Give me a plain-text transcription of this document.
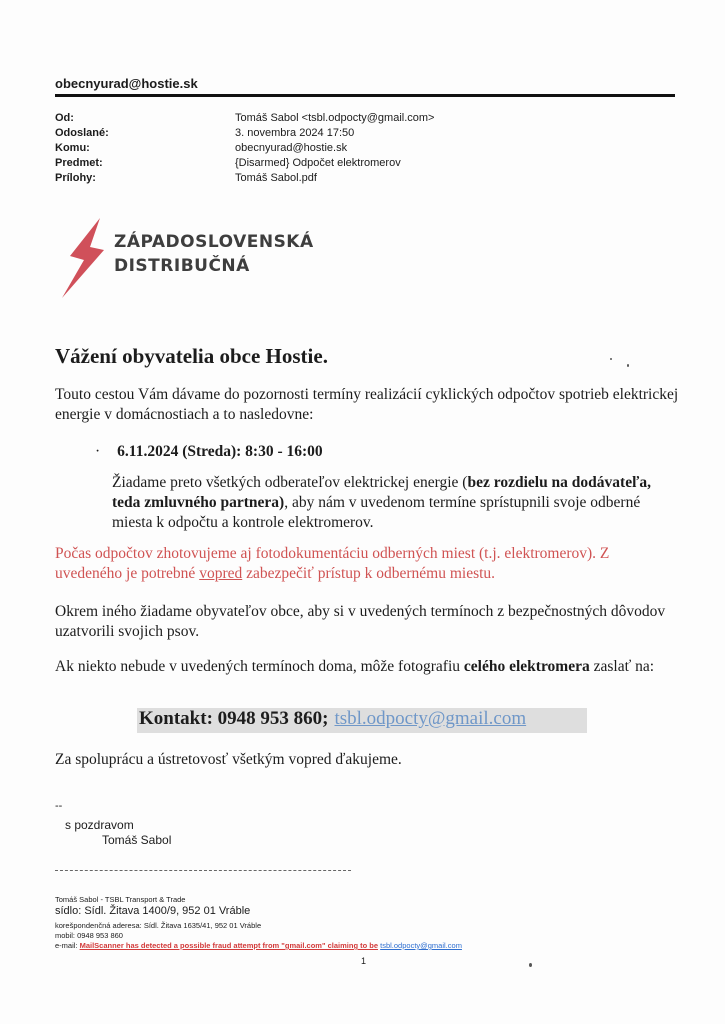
obecnyurad@hostie.sk
Od:	Tomáš Sabol <tsbl.odpocty@gmail.com>
Odoslané:	3. novembra 2024 17:50
Komu:	obecnyurad@hostie.sk
Predmet:	{Disarmed} Odpočet elektromerov
Prílohy:	Tomáš Sabol.pdf
ZÁPADOSLOVENSKÁ
DISTRIBUČNÁ
Vážení obyvatelia obce Hostie.
Touto cestou Vám dávame do pozornosti termíny realizácií cyklických odpočtov spotrieb elektrickej energie v domácnostiach a to nasledovne:
· 6.11.2024 (Streda): 8:30 - 16:00
Žiadame preto všetkých odberateľov elektrickej energie (bez rozdielu na dodávateľa, teda zmluvného partnera), aby nám v uvedenom termíne sprístupnili svoje odberné miesta k odpočtu a kontrole elektromerov.
Počas odpočtov zhotovujeme aj fotodokumentáciu odberných miest (t.j. elektromerov). Z uvedeného je potrebné vopred zabezpečiť prístup k odbernému miestu.
Okrem iného žiadame obyvateľov obce, aby si v uvedených termínoch z bezpečnostných dôvodov uzatvorili svojich psov.
Ak niekto nebude v uvedených termínoch doma, môže fotografiu celého elektromera zaslať na:
Kontakt: 0948 953 860; tsbl.odpocty@gmail.com
Za spoluprácu a ústretovosť všetkým vopred ďakujeme.
--
s pozdravom
Tomáš Sabol
Tomáš Sabol - TSBL Transport & Trade
sídlo: Sídl. Žitava 1400/9, 952 01 Vráble
korešpondenčná aderesa: Sídl. Žitava 1635/41, 952 01 Vráble
mobil: 0948 953 860
e-mail: MailScanner has detected a possible fraud attempt from "gmail.com" claiming to be tsbl.odpocty@gmail.com
1
